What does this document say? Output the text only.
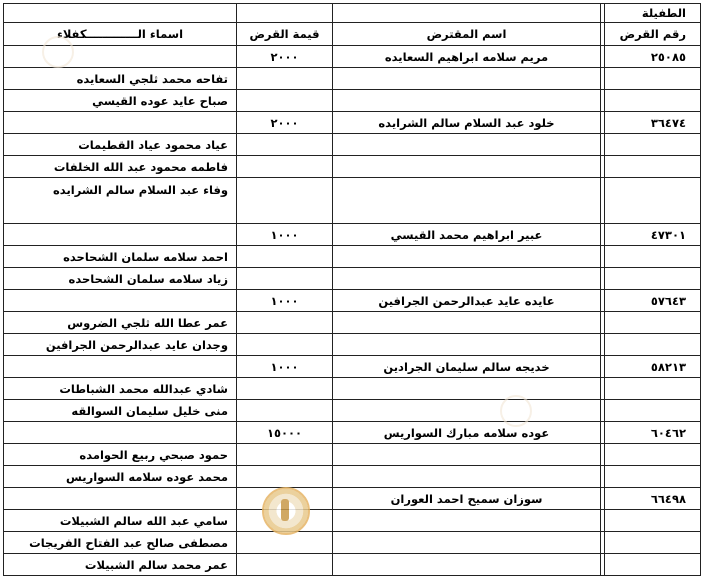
الطفيلة				
رقم القرض		اسم المقترض	قيمة القرض	اسماء الـــــــــــــكفلاء
٢٥٠٨٥		مريم سلامه ابراهيم السعايده	٢٠٠٠	
				تفاحه محمد ثلجي السعايده
				صباح عايد عوده القيسي
٣٦٤٧٤		خلود عبد السلام سالم الشرايده	٢٠٠٠	
				عياد محمود عياد القطيمات
				فاطمه محمود عبد الله الخلفات
				وفاء عبد السلام سالم الشرايده
٤٧٣٠١		عبير ابراهيم محمد القيسي	١٠٠٠	
				احمد سلامه سلمان الشحاحده
				زياد سلامه سلمان الشحاحده
٥٧٦٤٣		عايده عايد عبدالرحمن الجرافين	١٠٠٠	
				عمر عطا الله ثلجي الضروس
				وجدان عايد عبدالرحمن الجرافين
٥٨٢١٣		خديجه سالم سليمان الجرادين	١٠٠٠	
				شادي عبدالله محمد الشباطات
				منى خليل سليمان السوالقه
٦٠٤٦٢		عوده سلامه مبارك السواريس	١٥٠٠٠	
				حمود صبحي ربيع الحوامده
				محمد عوده سلامه السواريس
٦٦٤٩٨		سوزان سميح احمد العوران		
				سامي عبد الله سالم الشبيلات
				مصطفى صالح عبد الفتاح الفريجات
				عمر محمد سالم الشبيلات
